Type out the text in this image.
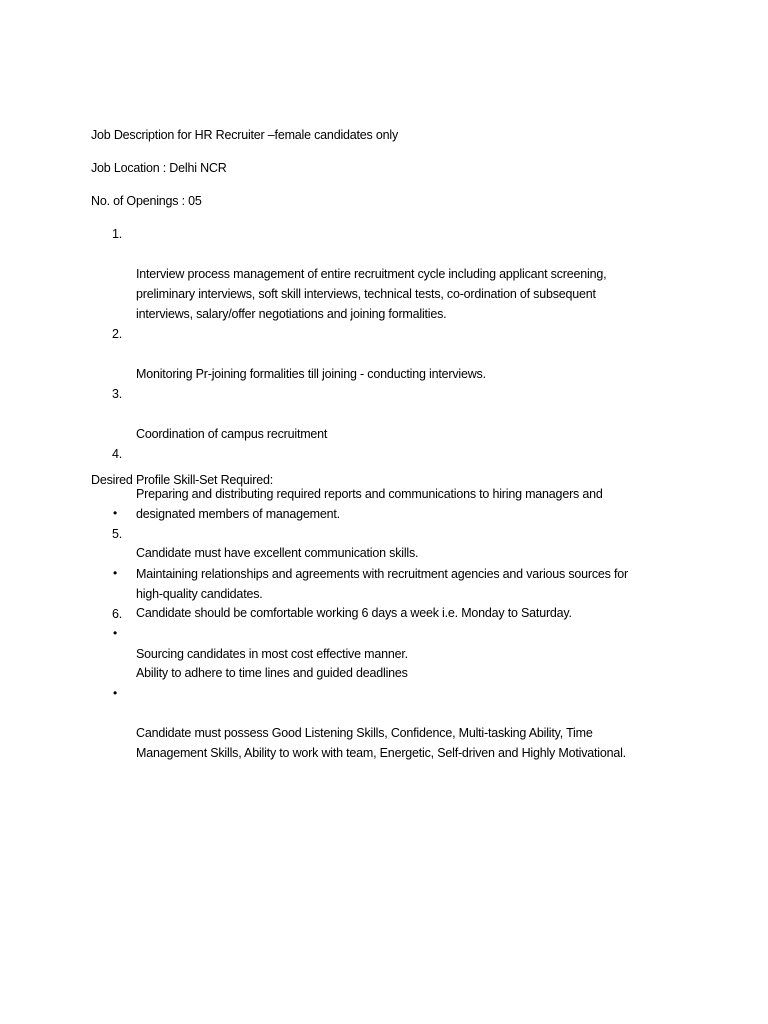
Job Description for HR Recruiter –female candidates only
Job Location : Delhi NCR
No. of Openings : 05

1.

Interview process management of entire recruitment cycle including applicant screening,
preliminary interviews, soft skill interviews, technical tests, co-ordination of subsequent
interviews, salary/offer negotiations and joining formalities.

2.

Monitoring Pr-joining formalities till joining - conducting interviews.

3.

Coordination of campus recruitment

4.

Preparing and distributing required reports and communications to hiring managers and
designated members of management.

5.

Maintaining relationships and agreements with recruitment agencies and various sources for
high-quality candidates.

6.

Sourcing candidates in most cost effective manner.

Desired Profile Skill-Set Required:

•

Candidate must have excellent communication skills.

•

Candidate should be comfortable working 6 days a week i.e. Monday to Saturday.

•

Ability to adhere to time lines and guided deadlines

•

Candidate must possess Good Listening Skills, Confidence, Multi-tasking Ability, Time
Management Skills, Ability to work with team, Energetic, Self-driven and Highly Motivational.
